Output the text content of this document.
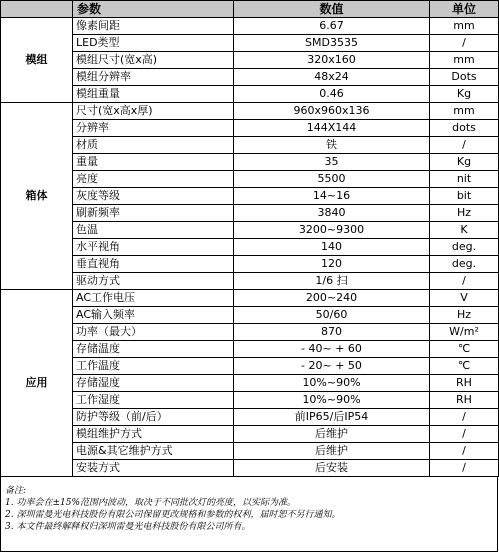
	参数	数值	单位
模组	像素间距	6.67	mm
	LED类型	SMD3535	/
	模组尺寸(宽x高)	320x160	mm
	模组分辨率	48x24	Dots
	模组重量	0.46	Kg
箱体	尺寸(宽x高x厚)	960x960x136	mm
	分辨率	144X144	dots
	材质	铁	/
	重量	35	Kg
	亮度	5500	nit
	灰度等级	14~16	bit
	刷新频率	3840	Hz
	色温	3200~9300	K
	水平视角	140	deg.
	垂直视角	120	deg.
	驱动方式	1/6 扫	/
应用	AC工作电压	200~240	V
	AC输入频率	50/60	Hz
	功率（最大）	870	W/m²
	存储温度	- 40~ + 60	℃
	工作温度	- 20~ + 50	℃
	存储湿度	10%~90%	RH
	工作湿度	10%~90%	RH
	防护等级（前/后）	前IP65/后IP54	/
	模组维护方式	后维护	/
	电源&其它维护方式	后维护	/
	安装方式	后安装	/
备注:
1. 功率会在±15%范围内波动，取决于不同批次灯的亮度，以实际为准。
2. 深圳雷曼光电科技股份有限公司保留更改规格和参数的权利，届时恕不另行通知。
3. 本文件最终解释权归深圳雷曼光电科技股份有限公司所有。
